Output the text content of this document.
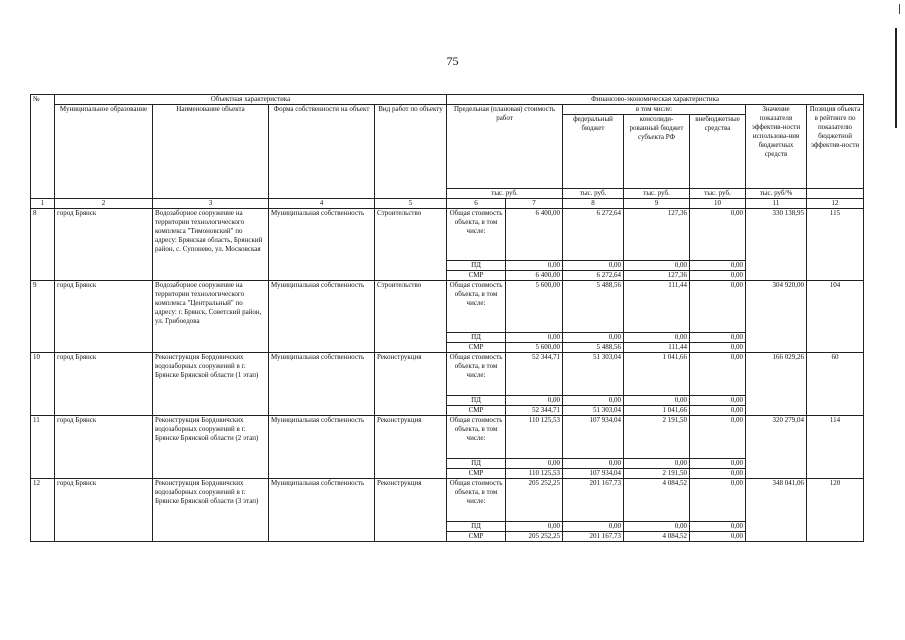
75
№	Объектная характеристика				Финансово-экономическая характеристика						
	Муниципальное образование	Наименование объекта	Форма собственности на объект	Вид работ по объекту	Предельная (плановая) стоимость работ		в том числе:			Значение показателя эффектив-ности использова-ния бюджетных средств	Позиция объекта в рейтинге по показателю бюджетной эффектив-ности
							федеральный бюджет	консолиди-рованный бюджет субъекта РФ	внебюджетные средства		
					тыс. руб.		тыс. руб.	тыс. руб.	тыс. руб.	тыс. руб/%	
1	2	3	4	5	6	7	8	9	10	11	12
8	город Брянск	Водозаборное сооружение на территории технологического комплекса "Тимоновский" по адресу: Брянская область, Брянский район, с. Супонево, ул. Московская	Муниципальная собственность	Строительство	Общая стоимость объекта, в том числе:	6 400,00	6 272,64	127,36	0,00	330 138,95	115
					ПД	0,00	0,00	0,00	0,00		
					СМР	6 400,00	6 272,64	127,36	0,00		
9	город Брянск	Водозаборное сооружение на территории технологического комплекса "Центральный" по адресу: г. Брянск, Советский район, ул. Грибоедова	Муниципальная собственность	Строительство	Общая стоимость объекта, в том числе:	5 600,00	5 488,56	111,44	0,00	304 920,00	104
					ПД	0,00	0,00	0,00	0,00		
					СМР	5 600,00	5 488,56	111,44	0,00		
10	город Брянск	Реконструкция Бордовичских водозаборных сооружений в г. Брянске Брянской области (1 этап)	Муниципальная собственность	Реконструкция	Общая стоимость объекта, в том числе:	52 344,71	51 303,04	1 041,66	0,00	166 029,26	60
					ПД	0,00	0,00	0,00	0,00		
					СМР	52 344,71	51 303,04	1 041,66	0,00		
11	город Брянск	Реконструкция Бордовичских водозаборных сооружений в г. Брянске Брянской области (2 этап)	Муниципальная собственность	Реконструкция	Общая стоимость объекта, в том числе:	110 125,53	107 934,04	2 191,50	0,00	320 279,04	114
					ПД	0,00	0,00	0,00	0,00		
					СМР	110 125,53	107 934,04	2 191,50	0,00		
12	город Брянск	Реконструкция Бордовичских водозаборных сооружений в г. Брянске Брянской области (3 этап)	Муниципальная собственность	Реконструкция	Общая стоимость объекта, в том числе:	205 252,25	201 167,73	4 084,52	0,00	348 041,06	120
					ПД	0,00	0,00	0,00	0,00		
					СМР	205 252,25	201 167,73	4 084,52	0,00		
